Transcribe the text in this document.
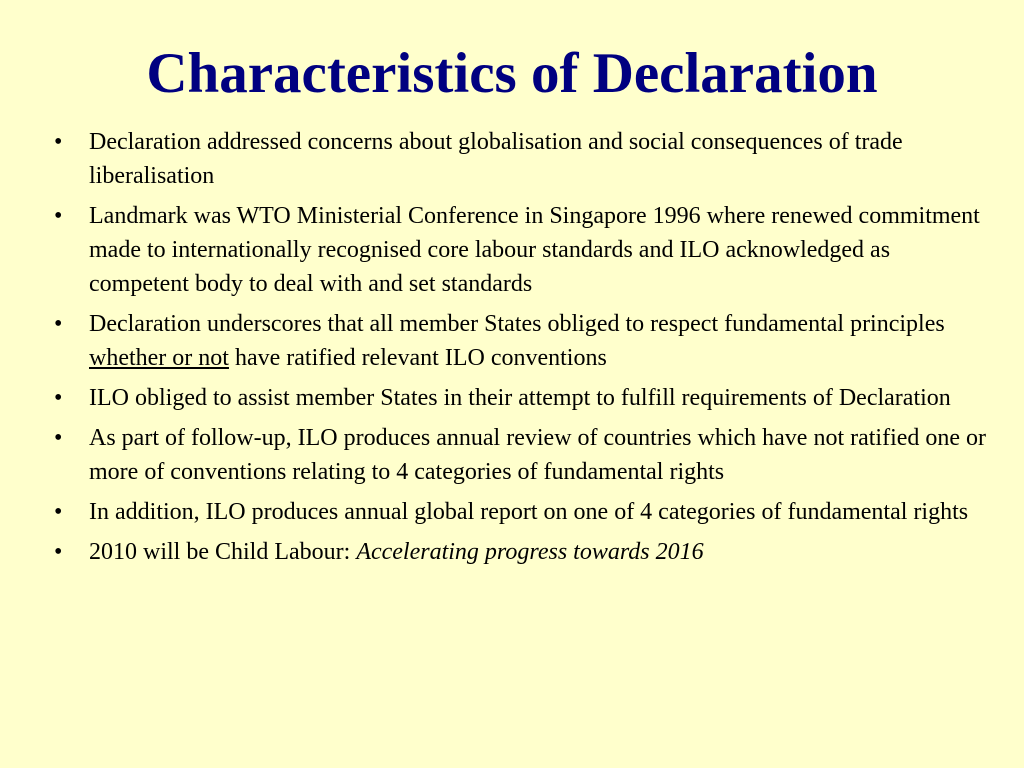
Characteristics of Declaration
• Declaration addressed concerns about globalisation and social consequences of trade liberalisation
• Landmark was WTO Ministerial Conference in Singapore 1996 where renewed commitment made to internationally recognised core labour standards and ILO acknowledged as competent body to deal with and set standards
• Declaration underscores that all member States obliged to respect fundamental principles whether or not have ratified relevant ILO conventions
• ILO obliged to assist member States in their attempt to fulfill requirements of Declaration
• As part of follow-up, ILO produces annual review of countries which have not ratified one or more of conventions relating to 4 categories of fundamental rights
• In addition, ILO produces annual global report on one of 4 categories of fundamental rights
• 2010 will be Child Labour: Accelerating progress towards 2016
